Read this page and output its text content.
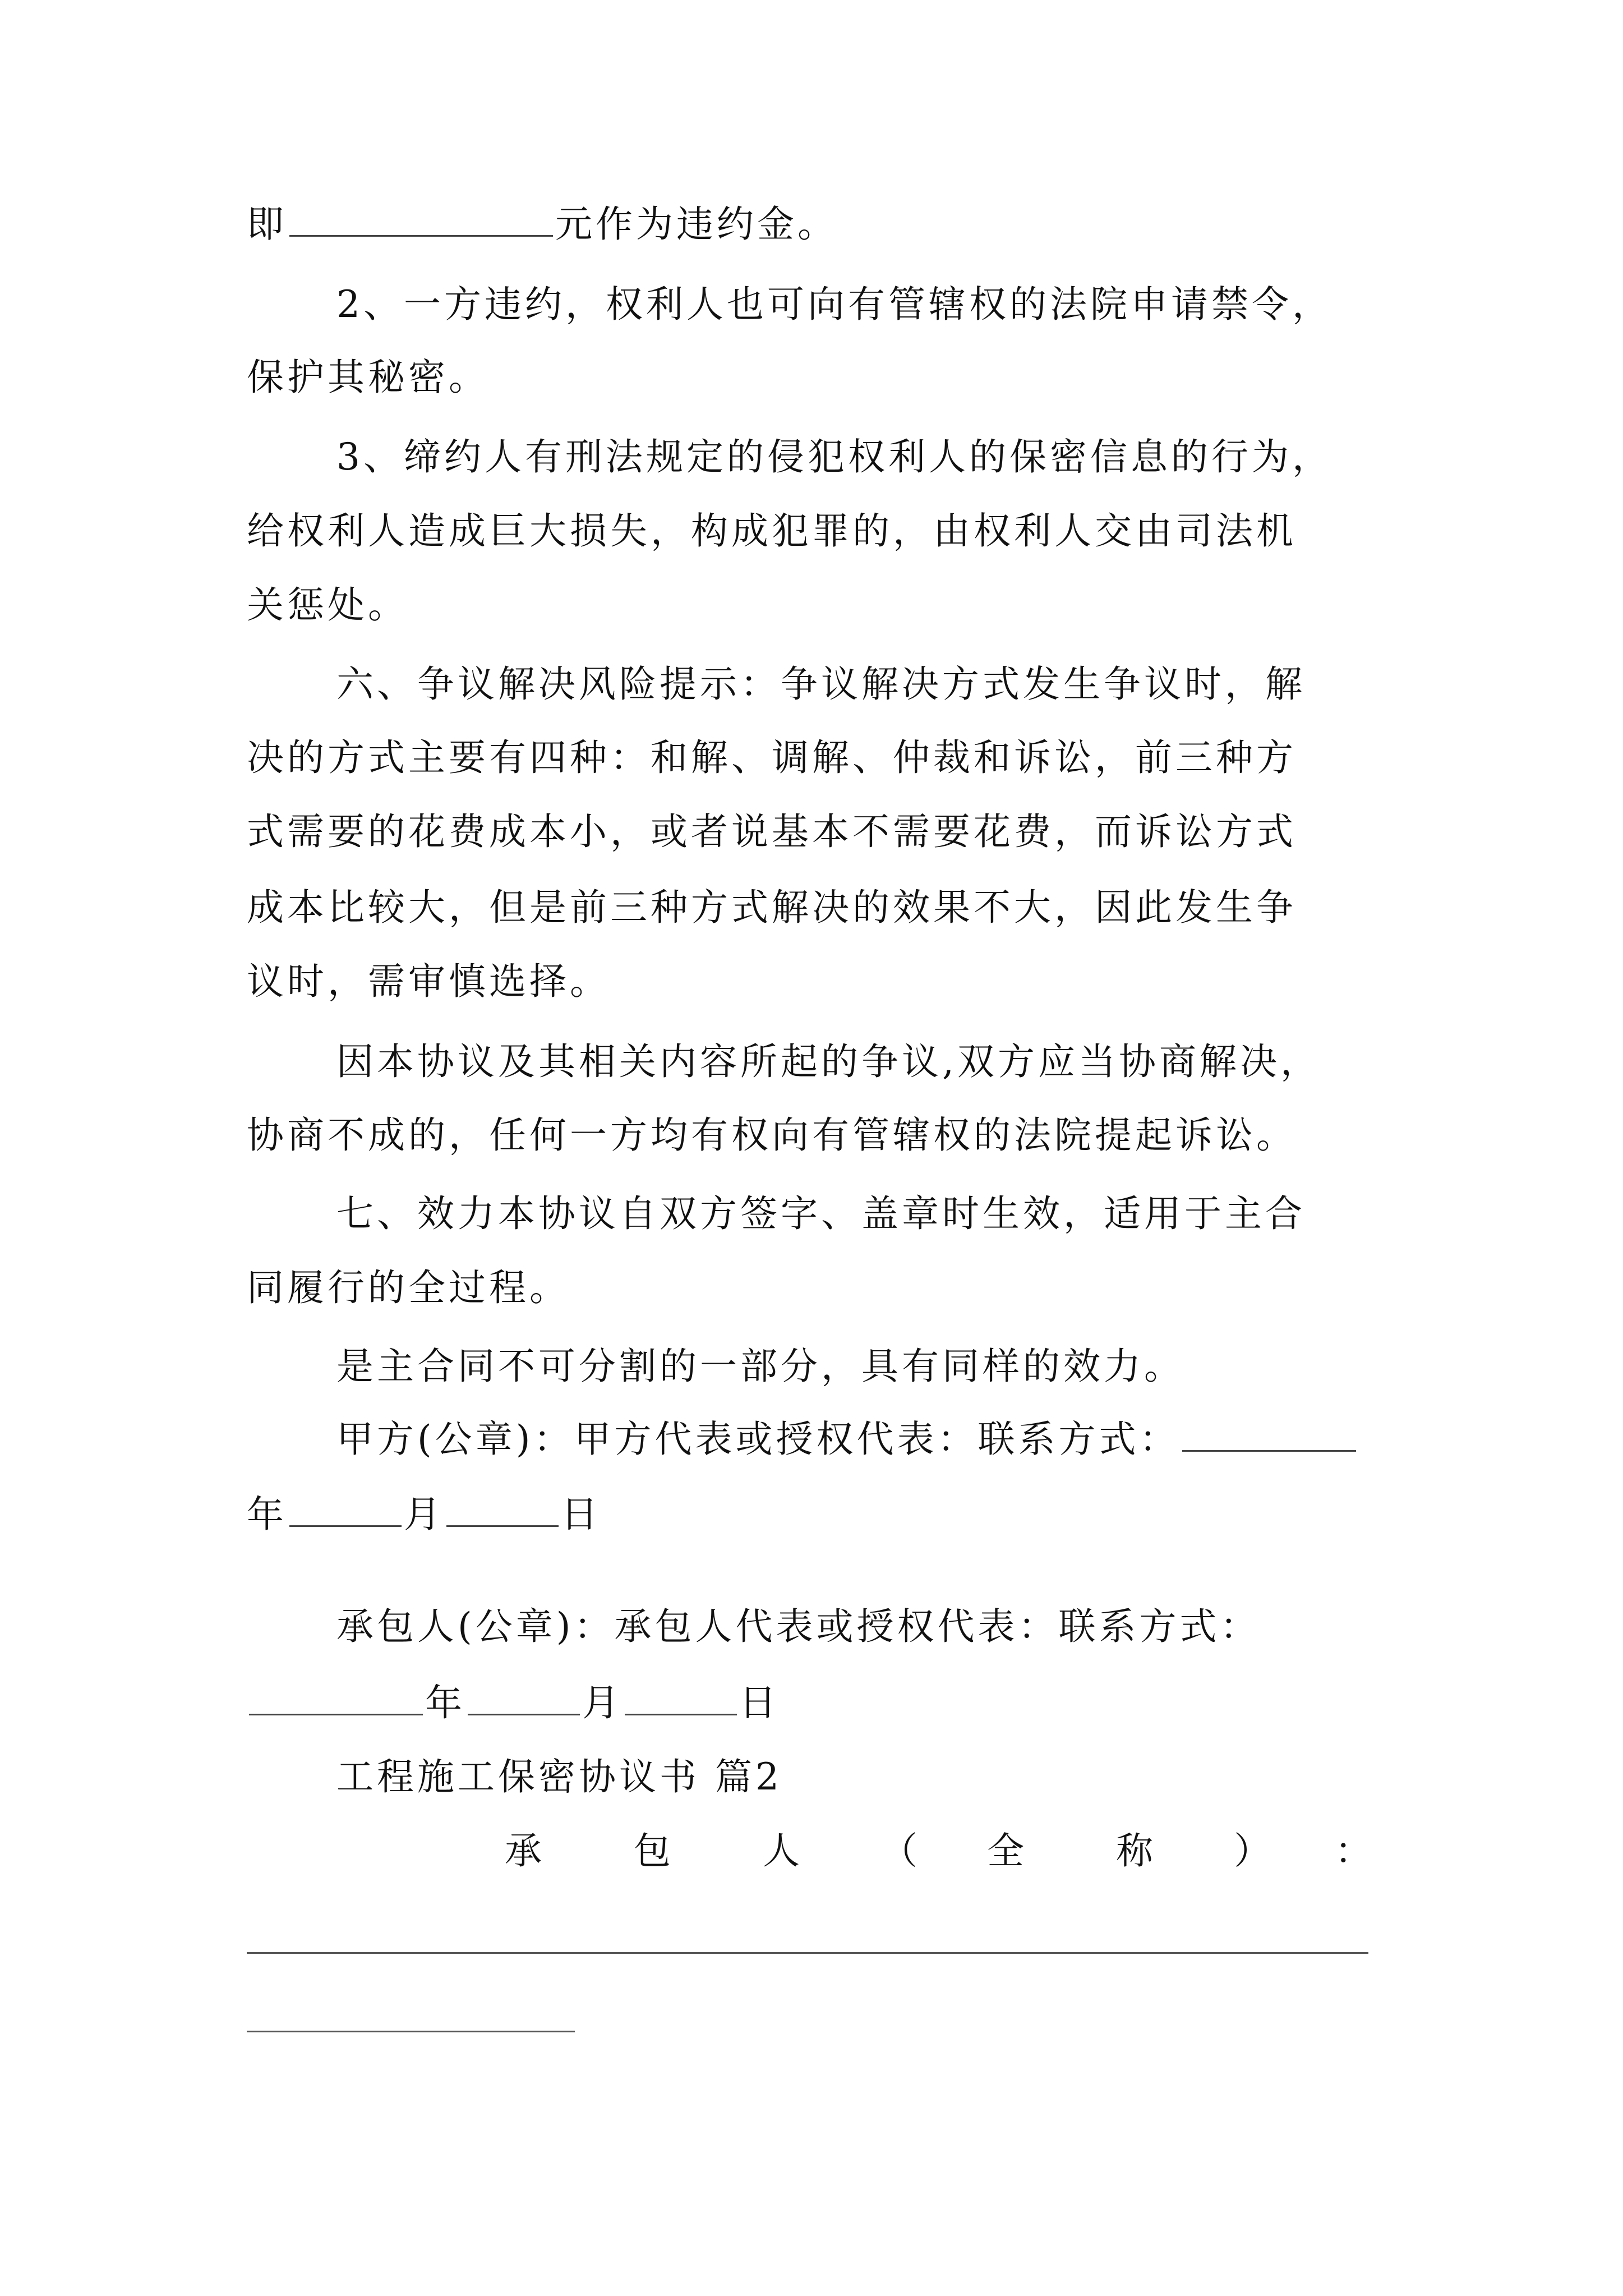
即	元作为违约金。
2、一方违约，权利人也可向有管辖权的法院申请禁令，
保护其秘密。
3、缔约人有刑法规定的侵犯权利人的保密信息的行为，
给权利人造成巨大损失，构成犯罪的，由权利人交由司法机
关惩处。
六、争议解决风险提示：争议解决方式发生争议时，解
决的方式主要有四种：和解、调解、仲裁和诉讼，前三种方
式需要的花费成本小，或者说基本不需要花费，而诉讼方式
成本比较大，但是前三种方式解决的效果不大，因此发生争
议时，需审慎选择。
因本协议及其相关内容所起的争议,双方应当协商解决，
协商不成的，任何一方均有权向有管辖权的法院提起诉讼。
七、效力本协议自双方签字、盖章时生效，适用于主合
同履行的全过程。
是主合同不可分割的一部分，具有同样的效力。
甲方(公章)：甲方代表或授权代表：联系方式：
年	月	日
承包人(公章)：承包人代表或授权代表：联系方式：
年	月	日
工程施工保密协议书 篇2
承 包 人 （ 全 称 ） ：
